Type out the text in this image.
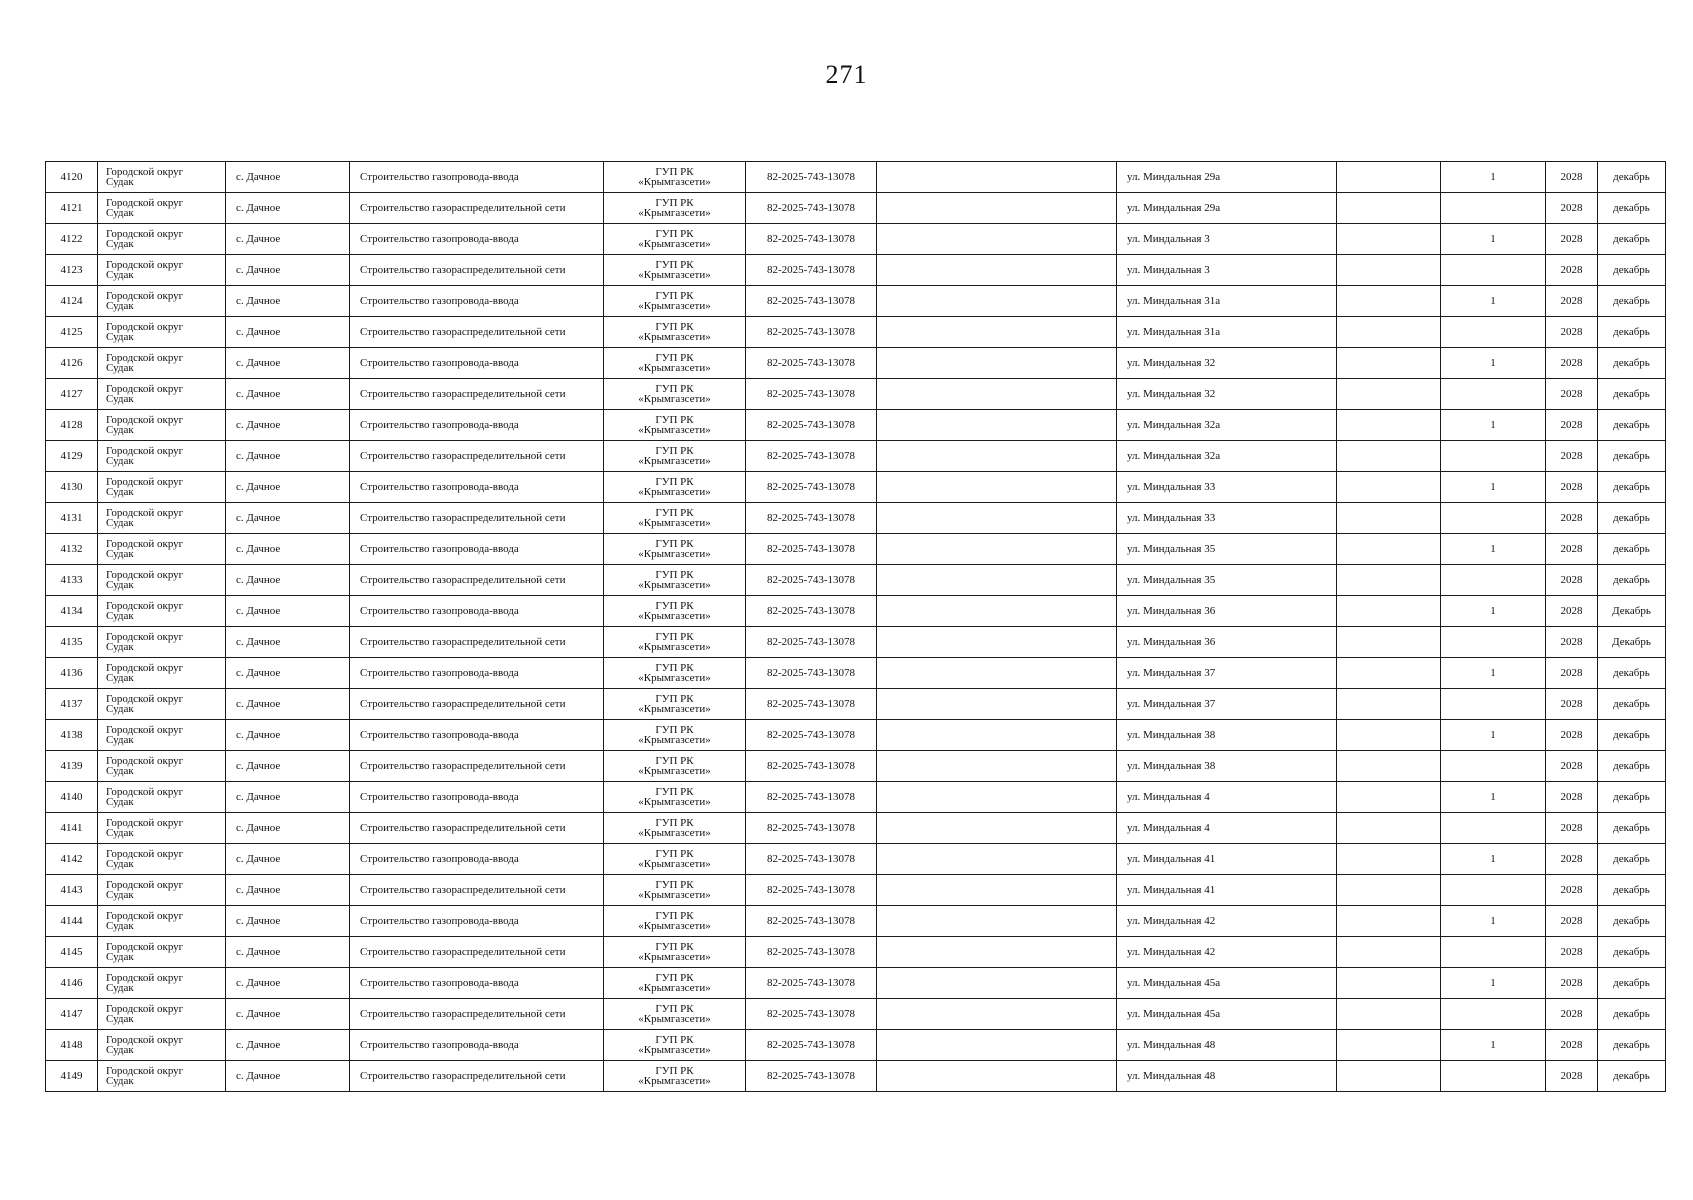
271
4120	Городской округ
Судак	с. Дачное	Строительство газопровода-ввода	ГУП РК
«Крымгазсети»	82-2025-743-13078		ул. Миндальная 29а		1	2028	декабрь
4121	Городской округ
Судак	с. Дачное	Строительство газораспределительной сети	ГУП РК
«Крымгазсети»	82-2025-743-13078		ул. Миндальная 29а			2028	декабрь
4122	Городской округ
Судак	с. Дачное	Строительство газопровода-ввода	ГУП РК
«Крымгазсети»	82-2025-743-13078		ул. Миндальная 3		1	2028	декабрь
4123	Городской округ
Судак	с. Дачное	Строительство газораспределительной сети	ГУП РК
«Крымгазсети»	82-2025-743-13078		ул. Миндальная 3			2028	декабрь
4124	Городской округ
Судак	с. Дачное	Строительство газопровода-ввода	ГУП РК
«Крымгазсети»	82-2025-743-13078		ул. Миндальная 31а		1	2028	декабрь
4125	Городской округ
Судак	с. Дачное	Строительство газораспределительной сети	ГУП РК
«Крымгазсети»	82-2025-743-13078		ул. Миндальная 31а			2028	декабрь
4126	Городской округ
Судак	с. Дачное	Строительство газопровода-ввода	ГУП РК
«Крымгазсети»	82-2025-743-13078		ул. Миндальная 32		1	2028	декабрь
4127	Городской округ
Судак	с. Дачное	Строительство газораспределительной сети	ГУП РК
«Крымгазсети»	82-2025-743-13078		ул. Миндальная 32			2028	декабрь
4128	Городской округ
Судак	с. Дачное	Строительство газопровода-ввода	ГУП РК
«Крымгазсети»	82-2025-743-13078		ул. Миндальная 32а		1	2028	декабрь
4129	Городской округ
Судак	с. Дачное	Строительство газораспределительной сети	ГУП РК
«Крымгазсети»	82-2025-743-13078		ул. Миндальная 32а			2028	декабрь
4130	Городской округ
Судак	с. Дачное	Строительство газопровода-ввода	ГУП РК
«Крымгазсети»	82-2025-743-13078		ул. Миндальная 33		1	2028	декабрь
4131	Городской округ
Судак	с. Дачное	Строительство газораспределительной сети	ГУП РК
«Крымгазсети»	82-2025-743-13078		ул. Миндальная 33			2028	декабрь
4132	Городской округ
Судак	с. Дачное	Строительство газопровода-ввода	ГУП РК
«Крымгазсети»	82-2025-743-13078		ул. Миндальная 35		1	2028	декабрь
4133	Городской округ
Судак	с. Дачное	Строительство газораспределительной сети	ГУП РК
«Крымгазсети»	82-2025-743-13078		ул. Миндальная 35			2028	декабрь
4134	Городской округ
Судак	с. Дачное	Строительство газопровода-ввода	ГУП РК
«Крымгазсети»	82-2025-743-13078		ул. Миндальная 36		1	2028	Декабрь
4135	Городской округ
Судак	с. Дачное	Строительство газораспределительной сети	ГУП РК
«Крымгазсети»	82-2025-743-13078		ул. Миндальная 36			2028	Декабрь
4136	Городской округ
Судак	с. Дачное	Строительство газопровода-ввода	ГУП РК
«Крымгазсети»	82-2025-743-13078		ул. Миндальная 37		1	2028	декабрь
4137	Городской округ
Судак	с. Дачное	Строительство газораспределительной сети	ГУП РК
«Крымгазсети»	82-2025-743-13078		ул. Миндальная 37			2028	декабрь
4138	Городской округ
Судак	с. Дачное	Строительство газопровода-ввода	ГУП РК
«Крымгазсети»	82-2025-743-13078		ул. Миндальная 38		1	2028	декабрь
4139	Городской округ
Судак	с. Дачное	Строительство газораспределительной сети	ГУП РК
«Крымгазсети»	82-2025-743-13078		ул. Миндальная 38			2028	декабрь
4140	Городской округ
Судак	с. Дачное	Строительство газопровода-ввода	ГУП РК
«Крымгазсети»	82-2025-743-13078		ул. Миндальная 4		1	2028	декабрь
4141	Городской округ
Судак	с. Дачное	Строительство газораспределительной сети	ГУП РК
«Крымгазсети»	82-2025-743-13078		ул. Миндальная 4			2028	декабрь
4142	Городской округ
Судак	с. Дачное	Строительство газопровода-ввода	ГУП РК
«Крымгазсети»	82-2025-743-13078		ул. Миндальная 41		1	2028	декабрь
4143	Городской округ
Судак	с. Дачное	Строительство газораспределительной сети	ГУП РК
«Крымгазсети»	82-2025-743-13078		ул. Миндальная 41			2028	декабрь
4144	Городской округ
Судак	с. Дачное	Строительство газопровода-ввода	ГУП РК
«Крымгазсети»	82-2025-743-13078		ул. Миндальная 42		1	2028	декабрь
4145	Городской округ
Судак	с. Дачное	Строительство газораспределительной сети	ГУП РК
«Крымгазсети»	82-2025-743-13078		ул. Миндальная 42			2028	декабрь
4146	Городской округ
Судак	с. Дачное	Строительство газопровода-ввода	ГУП РК
«Крымгазсети»	82-2025-743-13078		ул. Миндальная 45а		1	2028	декабрь
4147	Городской округ
Судак	с. Дачное	Строительство газораспределительной сети	ГУП РК
«Крымгазсети»	82-2025-743-13078		ул. Миндальная 45а			2028	декабрь
4148	Городской округ
Судак	с. Дачное	Строительство газопровода-ввода	ГУП РК
«Крымгазсети»	82-2025-743-13078		ул. Миндальная 48		1	2028	декабрь
4149	Городской округ
Судак	с. Дачное	Строительство газораспределительной сети	ГУП РК
«Крымгазсети»	82-2025-743-13078		ул. Миндальная 48			2028	декабрь
